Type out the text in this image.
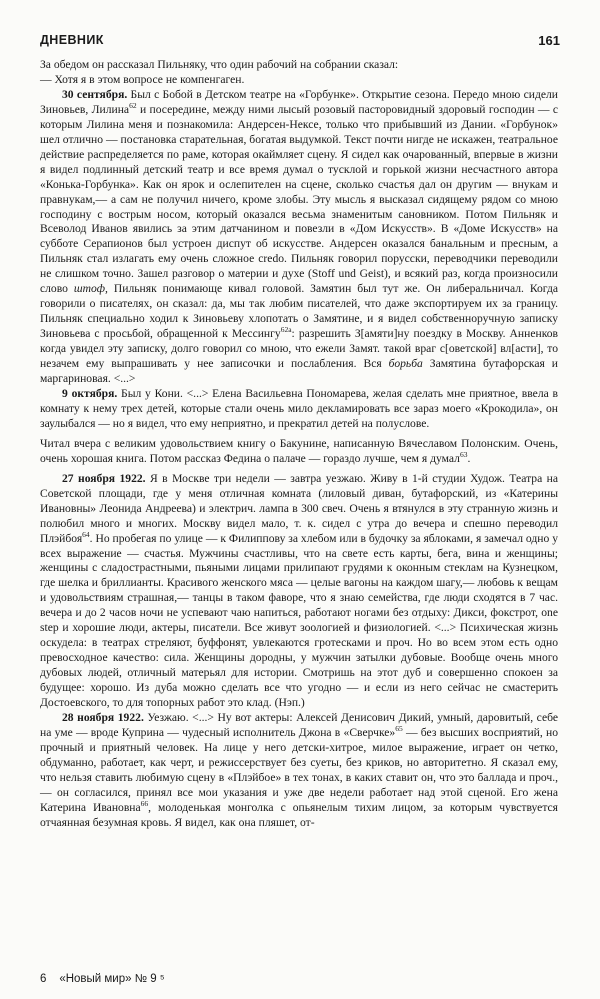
ДНЕВНИК	161

За обедом он рассказал Пильняку, что один рабочий на собрании сказал:
— Хотя я в этом вопросе не компенгаген.

30 сентября. Был с Бобой в Детском театре на «Горбунке». Открытие сезона. Передо мною сидели Зиновьев, Лилина$^{62}$ и посередине, между ними лысый розовый пасторовидный здоровый господин — с которым Лилина меня и познакомила: Андерсен-Нексе, только что прибывший из Дании. «Горбунок» шел отлично — постановка старательная, богатая выдумкой. Текст почти нигде не искажен, театральное действие распределяется по раме, которая окаймляет сцену. Я сидел как очарованный, впервые в жизни я видел подлинный детский театр и все время думал о тусклой и горькой жизни несчастного автора «Конька-Горбунка». Как он ярок и ослепителен на сцене, сколько счастья дал он другим — внукам и правнукам,— а сам не получил ничего, кроме злобы. Эту мысль я высказал сидящему рядом со мною господину с вострым носом, который оказался весьма знаменитым сановником. Потом Пильняк и Всеволод Иванов явились за этим датчанином и повезли в «Дом Искусств». В «Доме Искусств» на субботе Серапионов был устроен диспут об искусстве. Андерсен оказался банальным и пресным, а Пильняк стал излагать ему очень сложное credo. Пильняк говорил порусски, переводчики переводили не слишком точно. Зашел разговор о материи и духе (Stoff und Geist), и всякий раз, когда произносили слово штоф, Пильняк понимающе кивал головой. Замятин был тут же. Он либеральничал. Когда говорили о писателях, он сказал: да, мы так любим писателей, что даже экспортируем их за границу. Пильняк специально ходил к Зиновьеву хлопотать о Замятине, и я видел собственноручную записку Зиновьева с просьбой, обращенной к Мессингу$^{62а}$: разрешить З[амяти]ну поездку в Москву. Анненков когда увидел эту записку, долго говорил со мною, что ежели Замят. такой враг с[оветской] вл[асти], то незачем ему выпрашивать у нее записочки и послабления. Вся борьба Замятина бутафорская и маргариновая. <...>

9 октября. Был у Кони. <...> Елена Васильевна Пономарева, желая сделать мне приятное, ввела в комнату к нему трех детей, которые стали очень мило декламировать все зараз моего «Крокодила», он заулыбался — но я видел, что ему неприятно, и прекратил детей на полуслове.

Читал вчера с великим удовольствием книгу о Бакунине, написанную Вячеславом Полонским. Очень, очень хорошая книга. Потом рассказ Федина о палаче — гораздо лучше, чем я думал$^{63}$.

27 ноября 1922. Я в Москве три недели — завтра уезжаю. Живу в 1-й студии Худож. Театра на Советской площади, где у меня отличная комната (лиловый диван, бутафорский, из «Катерины Ивановны» Леонида Андреева) и электрич. лампа в 300 свеч. Очень я втянулся в эту странную жизнь и полюбил много и многих. Москву видел мало, т. к. сидел с утра до вечера и спешно переводил Плэйбоя$^{64}$. Но пробегая по улице — к Филиппову за хлебом или в будочку за яблоками, я замечал одно у всех выражение — счастья. Мужчины счастливы, что на свете есть карты, бега, вина и женщины; женщины с сладострастными, пьяными лицами прилипают грудями к оконным стеклам на Кузнецком, где шелка и бриллианты. Красивого женского мяса — целые вагоны на каждом шагу,— любовь к вещам и удовольствиям страшная,— танцы в таком фаворе, что я знаю семейства, где люди сходятся в 7 час. вечера и до 2 часов ночи не успевают чаю напиться, работают ногами без отдыху: Дикси, фокстрот, one step и хорошие люди, актеры, писатели. Все живут зоологией и физиологией. <...> Психическая жизнь оскудела: в театрах стреляют, буффонят, увлекаются гротесками и проч. Но во всем этом есть одно превосходное качество: сила. Женщины дородны, у мужчин затылки дубовые. Вообще очень много дубовых людей, отличный матерьял для истории. Смотришь на этот дуб и совершенно спокоен за будущее: хорошо. Из дуба можно сделать все что угодно — и если из него сейчас не смастерить Достоевского, то для топорных работ это клад. (Нэп.)

28 ноября 1922. Уезжаю. <...> Ну вот актеры: Алексей Денисович Дикий, умный, даровитый, себе на уме — вроде Куприна — чудесный исполнитель Джона в «Сверчке»$^{65}$ — без высших восприятий, но прочный и приятный человек. На лице у него детски-хитрое, милое выражение, играет он четко, обдуманно, работает, как черт, и режиссерствует без суеты, без криков, но авторитетно. Я сказал ему, что нельзя ставить любимую сцену в «Плэйбое» в тех тонах, в каких ставит он, что это баллада и проч.,— он согласился, принял все мои указания и уже две недели работает над этой сценой. Его жена Катерина Ивановна$^{66}$, молоденькая монголка с опьянелым тихим лицом, за которым чувствуется отчаянная безумная кровь. Я видел, как она пляшет, от-

6 «Новый мир» № 9 ⁵
